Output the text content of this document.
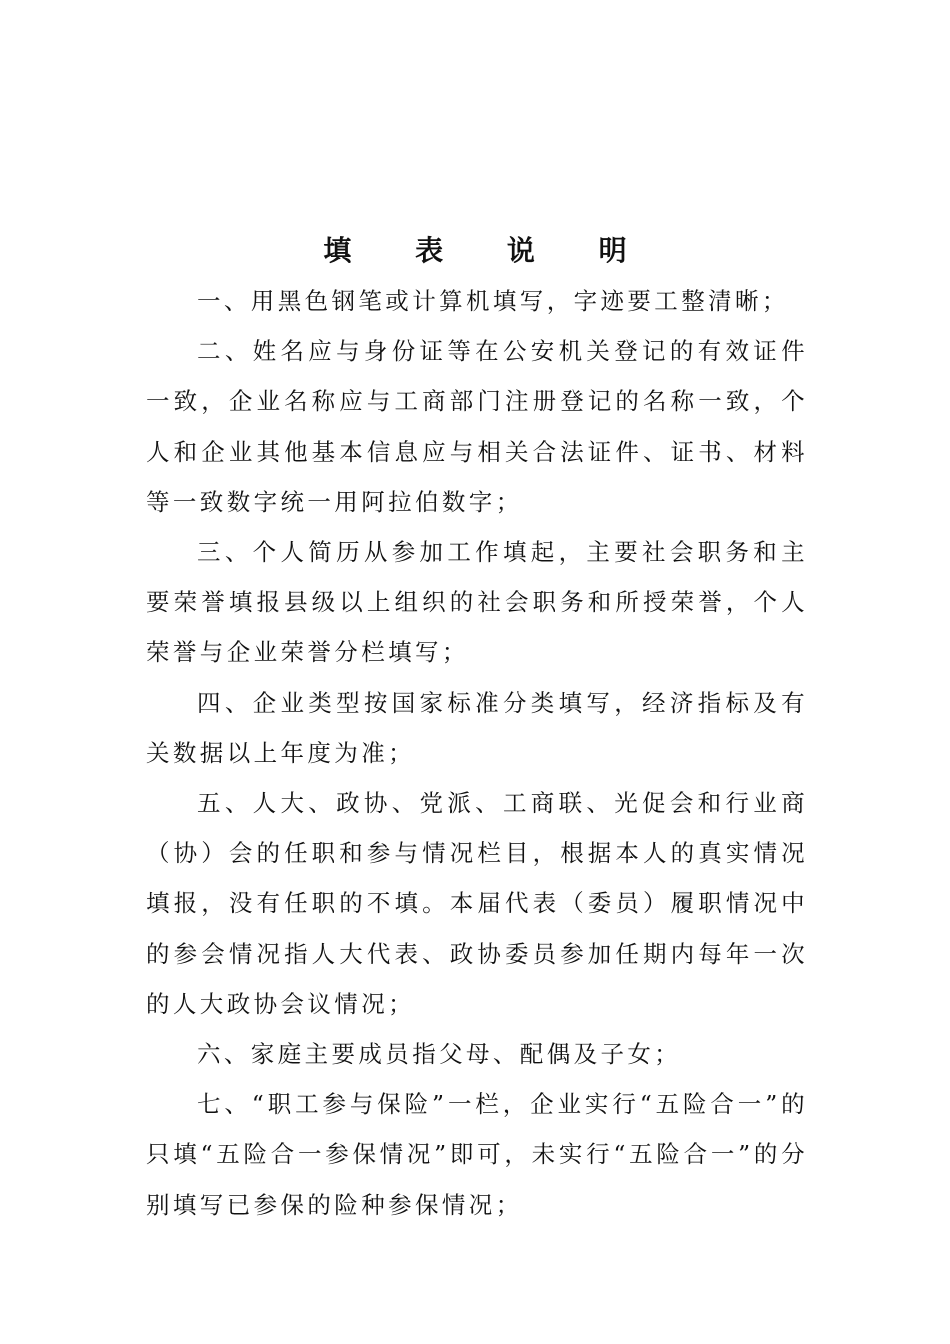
填 表 说 明

一、用黑色钢笔或计算机填写，字迹要工整清晰；

二、姓名应与身份证等在公安机关登记的有效证件一致，企业名称应与工商部门注册登记的名称一致，个人和企业其他基本信息应与相关合法证件、证书、材料等一致数字统一用阿拉伯数字；

三、个人简历从参加工作填起，主要社会职务和主要荣誉填报县级以上组织的社会职务和所授荣誉，个人荣誉与企业荣誉分栏填写；

四、企业类型按国家标准分类填写，经济指标及有关数据以上年度为准；

五、人大、政协、党派、工商联、光促会和行业商（协）会的任职和参与情况栏目，根据本人的真实情况填报，没有任职的不填。本届代表（委员）履职情况中的参会情况指人大代表、政协委员参加任期内每年一次的人大政协会议情况；

六、家庭主要成员指父母、配偶及子女；

七、“职工参与保险”一栏，企业实行“五险合一”的只填“五险合一参保情况”即可，未实行“五险合一”的分别填写已参保的险种参保情况；
